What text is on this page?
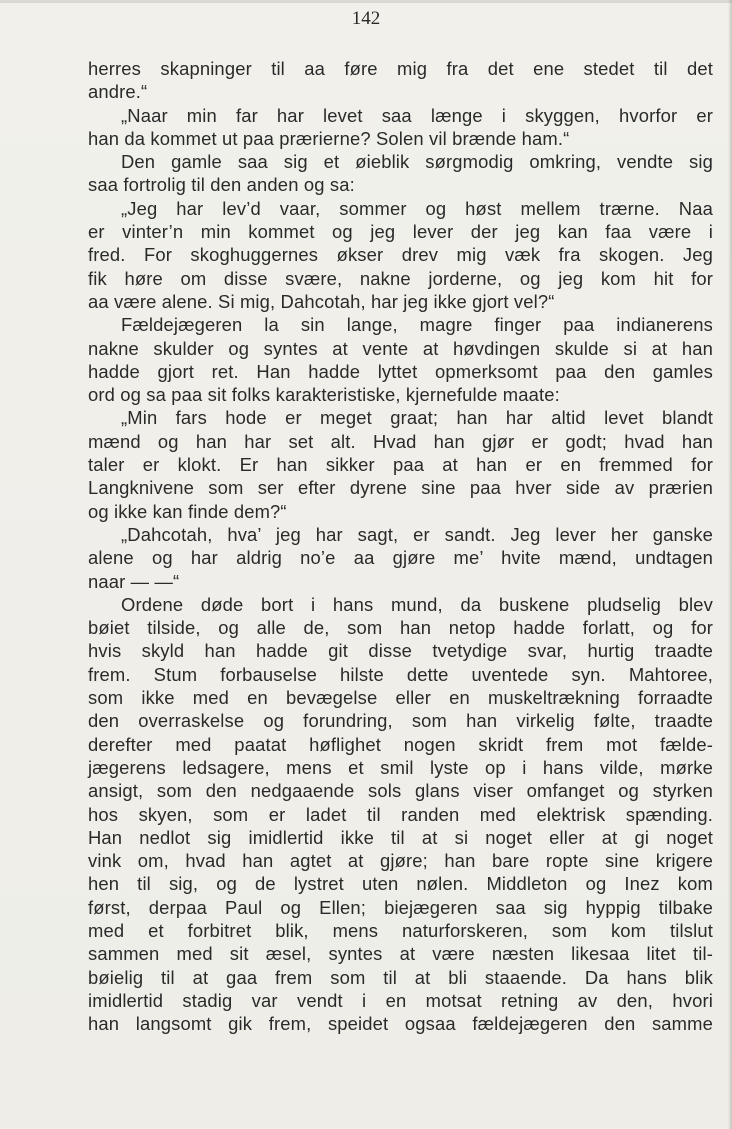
142
herres skapninger til aa føre mig fra det ene stedet til det
andre.“
„Naar min far har levet saa længe i skyggen, hvorfor er
han da kommet ut paa prærierne? Solen vil brænde ham.“
Den gamle saa sig et øieblik sørgmodig omkring, vendte sig
saa fortrolig til den anden og sa:
„Jeg har lev’d vaar, sommer og høst mellem trærne. Naa
er vinter’n min kommet og jeg lever der jeg kan faa være i
fred. For skoghuggernes økser drev mig væk fra skogen. Jeg
fik høre om disse svære, nakne jorderne, og jeg kom hit for
aa være alene. Si mig, Dahcotah, har jeg ikke gjort vel?“
Fældejægeren la sin lange, magre finger paa indianerens
nakne skulder og syntes at vente at høvdingen skulde si at han
hadde gjort ret. Han hadde lyttet opmerksomt paa den gamles
ord og sa paa sit folks karakteristiske, kjernefulde maate:
„Min fars hode er meget graat; han har altid levet blandt
mænd og han har set alt. Hvad han gjør er godt; hvad han
taler er klokt. Er han sikker paa at han er en fremmed for
Langknivene som ser efter dyrene sine paa hver side av prærien
og ikke kan finde dem?“
„Dahcotah, hva’ jeg har sagt, er sandt. Jeg lever her ganske
alene og har aldrig no’e aa gjøre me’ hvite mænd, undtagen
naar — —“
Ordene døde bort i hans mund, da buskene pludselig blev
bøiet tilside, og alle de, som han netop hadde forlatt, og for
hvis skyld han hadde git disse tvetydige svar, hurtig traadte
frem. Stum forbauselse hilste dette uventede syn. Mahtoree,
som ikke med en bevægelse eller en muskeltrækning forraadte
den overraskelse og forundring, som han virkelig følte, traadte
derefter med paatat høflighet nogen skridt frem mot fælde-
jægerens ledsagere, mens et smil lyste op i hans vilde, mørke
ansigt, som den nedgaaende sols glans viser omfanget og styrken
hos skyen, som er ladet til randen med elektrisk spænding.
Han nedlot sig imidlertid ikke til at si noget eller at gi noget
vink om, hvad han agtet at gjøre; han bare ropte sine krigere
hen til sig, og de lystret uten nølen. Middleton og Inez kom
først, derpaa Paul og Ellen; biejægeren saa sig hyppig tilbake
med et forbitret blik, mens naturforskeren, som kom tilslut
sammen med sit æsel, syntes at være næsten likesaa litet til-
bøielig til at gaa frem som til at bli staaende. Da hans blik
imidlertid stadig var vendt i en motsat retning av den, hvori
han langsomt gik frem, speidet ogsaa fældejægeren den samme
